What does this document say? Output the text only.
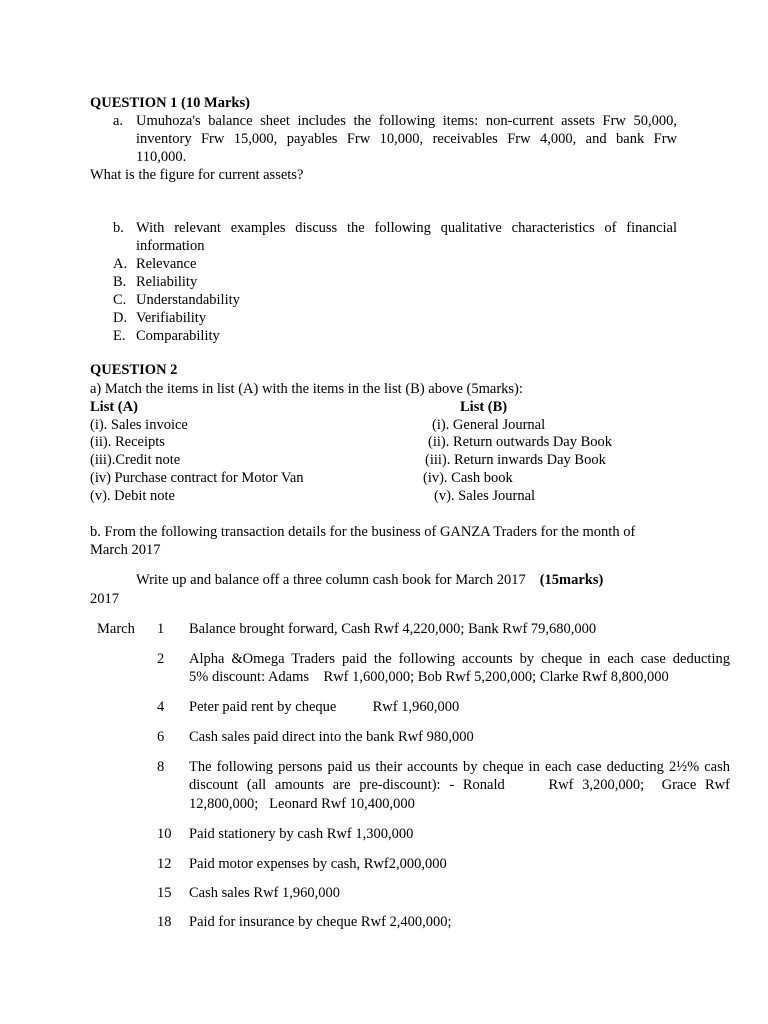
QUESTION 1 (10 Marks)
a. Umuhoza's balance sheet includes the following items: non-current assets Frw 50,000,
inventory Frw 15,000, payables Frw 10,000, receivables Frw 4,000, and bank Frw
110,000.
What is the figure for current assets?
b. With relevant examples discuss the following qualitative characteristics of financial
information
A. Relevance
B. Reliability
C. Understandability
D. Verifiability
E. Comparability
QUESTION 2
a) Match the items in list (A) with the items in the list (B) above (5marks):
List (A)	List (B)
(i). Sales invoice
(ii). Receipts
(iii).Credit note
(iv) Purchase contract for Motor Van
(v). Debit note
(i). General Journal
(ii). Return outwards Day Book
(iii). Return inwards Day Book
(iv). Cash book
(v). Sales Journal
b. From the following transaction details for the business of GANZA Traders for the month of
March 2017
Write up and balance off a three column cash book for March 2017 (15marks)
2017
March 1 Balance brought forward, Cash Rwf 4,220,000; Bank Rwf 79,680,000
2 Alpha &Omega Traders paid the following accounts by cheque in each case deducting
5% discount: Adams    Rwf 1,600,000; Bob Rwf 5,200,000; Clarke Rwf 8,800,000
4 Peter paid rent by cheque          Rwf 1,960,000
6 Cash sales paid direct into the bank Rwf 980,000
8 The following persons paid us their accounts by cheque in each case deducting 2½% cash
discount (all amounts are pre-discount): - Ronald     Rwf 3,200,000;  Grace Rwf
12,800,000;   Leonard Rwf 10,400,000
10 Paid stationery by cash Rwf 1,300,000
12 Paid motor expenses by cash, Rwf2,000,000
15 Cash sales Rwf 1,960,000
18 Paid for insurance by cheque Rwf 2,400,000;
